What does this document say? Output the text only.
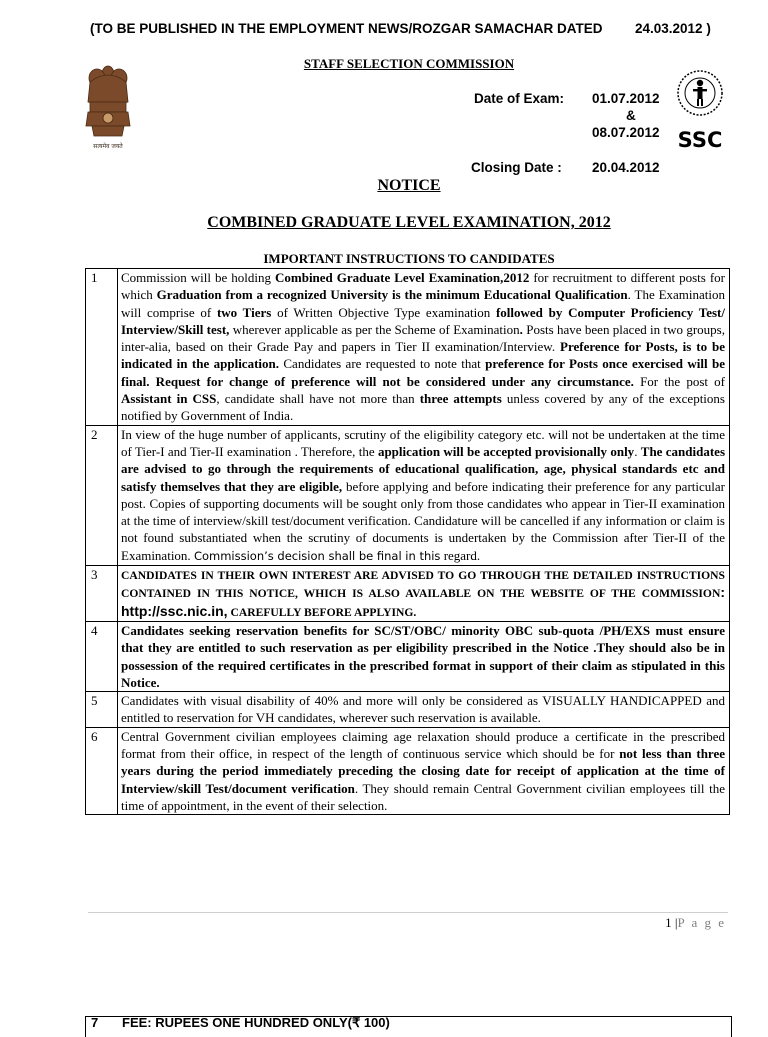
(TO BE PUBLISHED IN THE EMPLOYMENT NEWS/ROZGAR SAMACHAR DATED 24.03.2012 )
सत्यमेव जयते
STAFF SELECTION COMMISSION
Date of Exam: 01.07.2012
&
08.07.2012
Closing Date : 20.04.2012
SSC
NOTICE
COMBINED GRADUATE LEVEL EXAMINATION, 2012
IMPORTANT INSTRUCTIONS TO CANDIDATES
1	Commission will be holding Combined Graduate Level Examination,2012 for recruitment to different posts for which Graduation from a recognized University is the minimum Educational Qualification. The Examination will comprise of two Tiers of Written Objective Type examination followed by Computer Proficiency Test/ Interview/Skill test, wherever applicable as per the Scheme of Examination. Posts have been placed in two groups, inter-alia, based on their Grade Pay and papers in Tier II examination/Interview. Preference for Posts, is to be indicated in the application. Candidates are requested to note that preference for Posts once exercised will be final. Request for change of preference will not be considered under any circumstance. For the post of Assistant in CSS, candidate shall have not more than three attempts unless covered by any of the exceptions notified by Government of India.
2	In view of the huge number of applicants, scrutiny of the eligibility category etc. will not be undertaken at the time of Tier-I and Tier-II examination . Therefore, the application will be accepted provisionally only. The candidates are advised to go through the requirements of educational qualification, age, physical standards etc and satisfy themselves that they are eligible, before applying and before indicating their preference for any particular post. Copies of supporting documents will be sought only from those candidates who appear in Tier-II examination at the time of interview/skill test/document verification. Candidature will be cancelled if any information or claim is not found substantiated when the scrutiny of documents is undertaken by the Commission after Tier-II of the Examination. Commission’s decision shall be final in this regard.
3	CANDIDATES IN THEIR OWN INTEREST ARE ADVISED TO GO THROUGH THE DETAILED INSTRUCTIONS CONTAINED IN THIS NOTICE, WHICH IS ALSO AVAILABLE ON THE WEBSITE OF THE COMMISSION: http://ssc.nic.in, CAREFULLY BEFORE APPLYING.
4	Candidates seeking reservation benefits for SC/ST/OBC/ minority OBC sub-quota /PH/EXS must ensure that they are entitled to such reservation as per eligibility prescribed in the Notice .They should also be in possession of the required certificates in the prescribed format in support of their claim as stipulated in this Notice.
5	Candidates with visual disability of 40% and more will only be considered as VISUALLY HANDICAPPED and entitled to reservation for VH candidates, wherever such reservation is available.
6	Central Government civilian employees claiming age relaxation should produce a certificate in the prescribed format from their office, in respect of the length of continuous service which should be for not less than three years during the period immediately preceding the closing date for receipt of application at the time of Interview/skill Test/document verification. They should remain Central Government civilian employees till the time of appointment, in the event of their selection.
1 |P a g e
7 FEE: RUPEES ONE HUNDRED ONLY(₹ 100)
